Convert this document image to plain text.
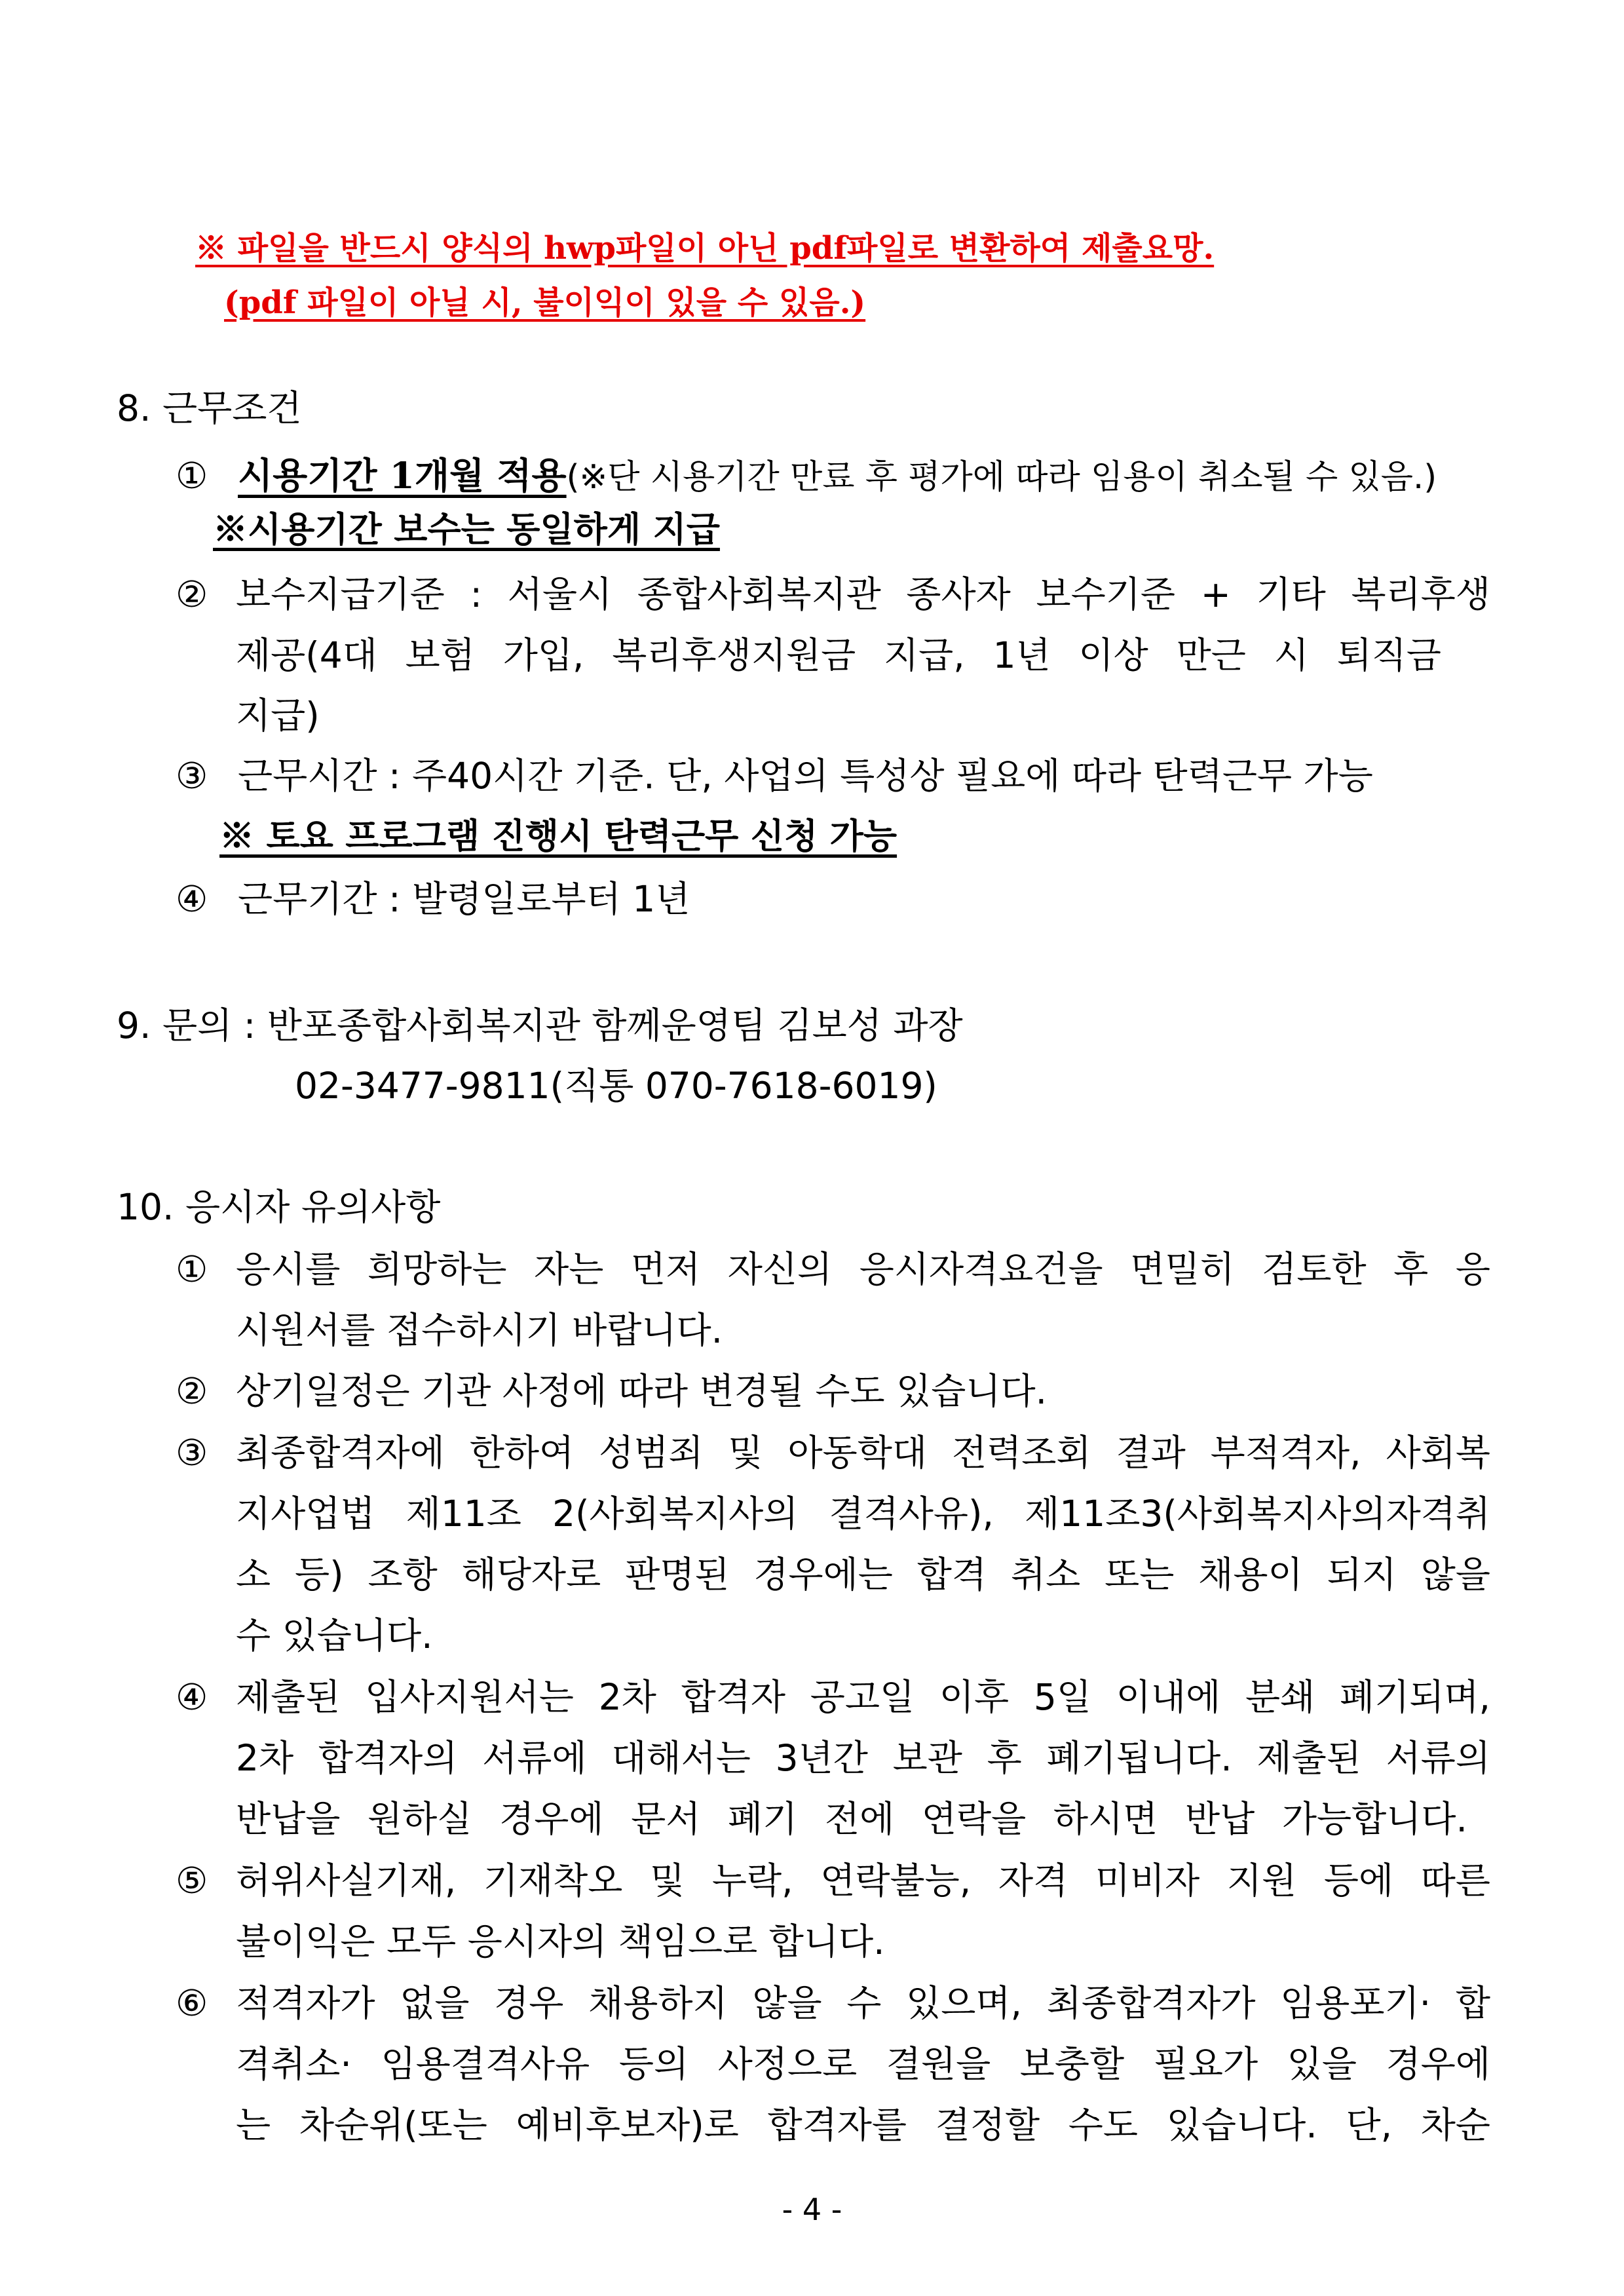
※ 파일을 반드시 양식의 hwp파일이 아닌 pdf파일로 변환하여 제출요망.
(pdf 파일이 아닐 시, 불이익이 있을 수 있음.)
8. 근무조건
① 시용기간 1개월 적용(※단 시용기간 만료 후 평가에 따라 임용이 취소될 수 있음.)
※시용기간 보수는 동일하게 지급
② 보수지급기준 : 서울시 종합사회복지관 종사자 보수기준 + 기타 복리후생
제공(4대 보험 가입, 복리후생지원금 지급, 1년 이상 만근 시 퇴직금
지급)
③ 근무시간 : 주40시간 기준. 단, 사업의 특성상 필요에 따라 탄력근무 가능
※ 토요 프로그램 진행시 탄력근무 신청 가능
④ 근무기간 : 발령일로부터 1년
9. 문의 : 반포종합사회복지관 함께운영팀 김보성 과장
02-3477-9811(직통 070-7618-6019)
10. 응시자 유의사항
① 응시를 희망하는 자는 먼저 자신의 응시자격요건을 면밀히 검토한 후 응
시원서를 접수하시기 바랍니다.
② 상기일정은 기관 사정에 따라 변경될 수도 있습니다.
③ 최종합격자에 한하여 성범죄 및 아동학대 전력조회 결과 부적격자, 사회복
지사업법 제11조 2(사회복지사의 결격사유), 제11조3(사회복지사의자격취
소 등) 조항 해당자로 판명된 경우에는 합격 취소 또는 채용이 되지 않을
수 있습니다.
④ 제출된 입사지원서는 2차 합격자 공고일 이후 5일 이내에 분쇄 폐기되며,
2차 합격자의 서류에 대해서는 3년간 보관 후 폐기됩니다. 제출된 서류의
반납을 원하실 경우에 문서 폐기 전에 연락을 하시면 반납 가능합니다.
⑤ 허위사실기재, 기재착오 및 누락, 연락불능, 자격 미비자 지원 등에 따른
불이익은 모두 응시자의 책임으로 합니다.
⑥ 적격자가 없을 경우 채용하지 않을 수 있으며, 최종합격자가 임용포기· 합
격취소· 임용결격사유 등의 사정으로 결원을 보충할 필요가 있을 경우에
는 차순위(또는 예비후보자)로 합격자를 결정할 수도 있습니다. 단, 차순
- 4 -
